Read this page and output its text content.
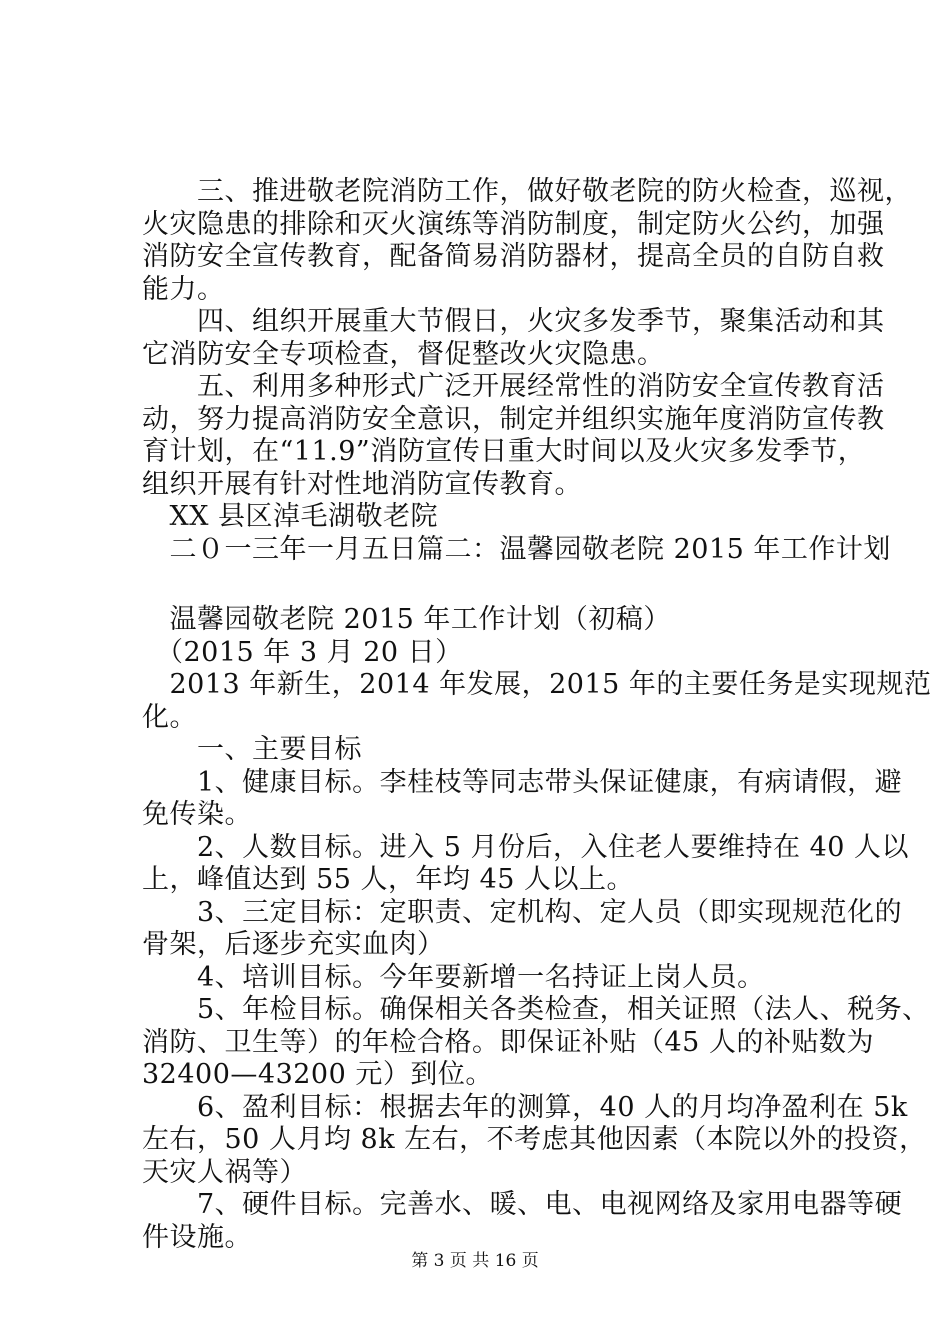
　　三、推进敬老院消防工作，做好敬老院的防火检查，巡视，
火灾隐患的排除和灭火演练等消防制度，制定防火公约，加强
消防安全宣传教育，配备简易消防器材，提高全员的自防自救
能力。
　　四、组织开展重大节假日，火灾多发季节，聚集活动和其
它消防安全专项检查，督促整改火灾隐患。
　　五、利用多种形式广泛开展经常性的消防安全宣传教育活
动，努力提高消防安全意识，制定并组织实施年度消防宣传教
育计划，在“11.9”消防宣传日重大时间以及火灾多发季节，
组织开展有针对性地消防宣传教育。
　XX 县区淖毛湖敬老院
　二０一三年一月五日篇二：温馨园敬老院 2015 年工作计划
　温馨园敬老院 2015 年工作计划（初稿）
　（2015 年 3 月 20 日）
　2013 年新生，2014 年发展，2015 年的主要任务是实现规范
化。
　　一、主要目标
　　1、健康目标。李桂枝等同志带头保证健康，有病请假，避
免传染。
　　2、人数目标。进入 5 月份后，入住老人要维持在 40 人以
上，峰值达到 55 人，年均 45 人以上。
　　3、三定目标：定职责、定机构、定人员（即实现规范化的
骨架，后逐步充实血肉）
　　4、培训目标。今年要新增一名持证上岗人员。
　　5、年检目标。确保相关各类检查，相关证照（法人、税务、
消防、卫生等）的年检合格。即保证补贴（45 人的补贴数为
32400—43200 元）到位。
　　6、盈利目标：根据去年的测算，40 人的月均净盈利在 5k
左右，50 人月均 8k 左右，不考虑其他因素（本院以外的投资，
天灾人祸等）
　　7、硬件目标。完善水、暖、电、电视网络及家用电器等硬
件设施。
第 3 页 共 16 页
